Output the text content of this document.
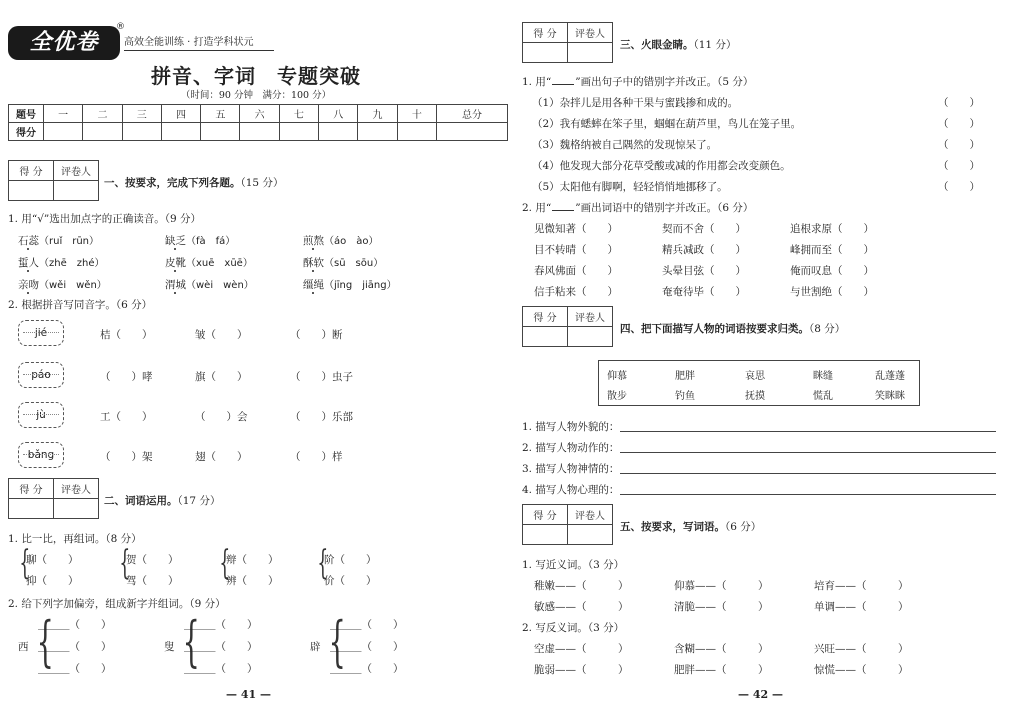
全优卷
®
高效全能训练 · 打造学科状元
拼音、字词　专题突破
（时间：90 分钟　满分：100 分）
题号	一	二	三	四	五	六	七	八	九	十	总分
得分											
得 分	评卷人

一、按要求，完成下列各题。（15 分）
1. 用“√”选出加点字的正确读音。（9 分）
石蕊（ruǐ　rūn）	缺乏（fà　fá）	煎熬（áo　ào）
蜇人（zhē　zhé）	皮靴（xuē　xūē）	酥软（sū　sōu）
亲吻（wěi　wěn）	渭城（wèi　wèn）	缰绳（jīng　jiāng）
2. 根据拼音写同音字。（6 分）
jié	桔（　　）	皱（　　）	（　　）断
páo	（　　）哮	旗（　　）	（　　）虫子
jù	工（　　）	（　　）会	（　　）乐部
bǎng	（　　）架	翅（　　）	（　　）样
得 分	评卷人

二、词语运用。（17 分）
1. 比一比，再组词。（8 分）
{
聊（　　）
抑（　　） {
贺（　　）
驾（　　） {
辩（　　）
辨（　　） {
阶（　　）
价（　　）
2. 给下列字加偏旁，组成新字并组词。（9 分）
西 {
＿＿＿（　　）
＿＿＿（　　）
＿＿＿（　　）
叟 {
＿＿＿（　　）
＿＿＿（　　）
＿＿＿（　　）
辟 {
＿＿＿（　　）
＿＿＿（　　）
＿＿＿（　　）
— 41 —
得 分	评卷人

三、火眼金睛。（11 分）
1. 用“ ”画出句子中的错别字并改正。（5 分）
（1）杂拌儿是用各种干果与蜜践掺和成的。	（　　）
（2）我有蟋蟀在笨子里，蝈蝈在葫芦里，鸟儿在笼子里。	（　　）
（3）魏格纳被自己隅然的发现惊呆了。	（　　）
（4）他发现大部分花草受酸或减的作用都会改变颜色。	（　　）
（5）太阳他有脚啊，轻轻悄悄地挪移了。	（　　）
2. 用“ ”画出词语中的错别字并改正。（6 分）
见微知著（　　）	契而不舍（　　）	追根求原（　　）
目不转晴（　　）	精兵减政（　　）	峰拥而至（　　）
春风佛面（　　）	头晕目弦（　　）	俺而叹息（　　）
信手粘来（　　）	奄奄待毕（　　）	与世割绝（　　）
得 分	评卷人

四、把下面描写人物的词语按要求归类。（8 分）
仰慕	肥胖	哀思	眯缝	乱蓬蓬
散步	钓鱼	抚摸	慌乱	笑眯眯
1. 描写人物外貌的：
2. 描写人物动作的：
3. 描写人物神情的：
4. 描写人物心理的：
得 分	评卷人

五、按要求，写词语。（6 分）
1. 写近义词。（3 分）
稚嫩——（　　　）	仰慕——（　　　）	培育——（　　　）
敏感——（　　　）	清脆——（　　　）	单调——（　　　）
2. 写反义词。（3 分）
空虚——（　　　）	含糊——（　　　）	兴旺——（　　　）
脆弱——（　　　）	肥胖——（　　　）	惊慌——（　　　）
— 42 —
